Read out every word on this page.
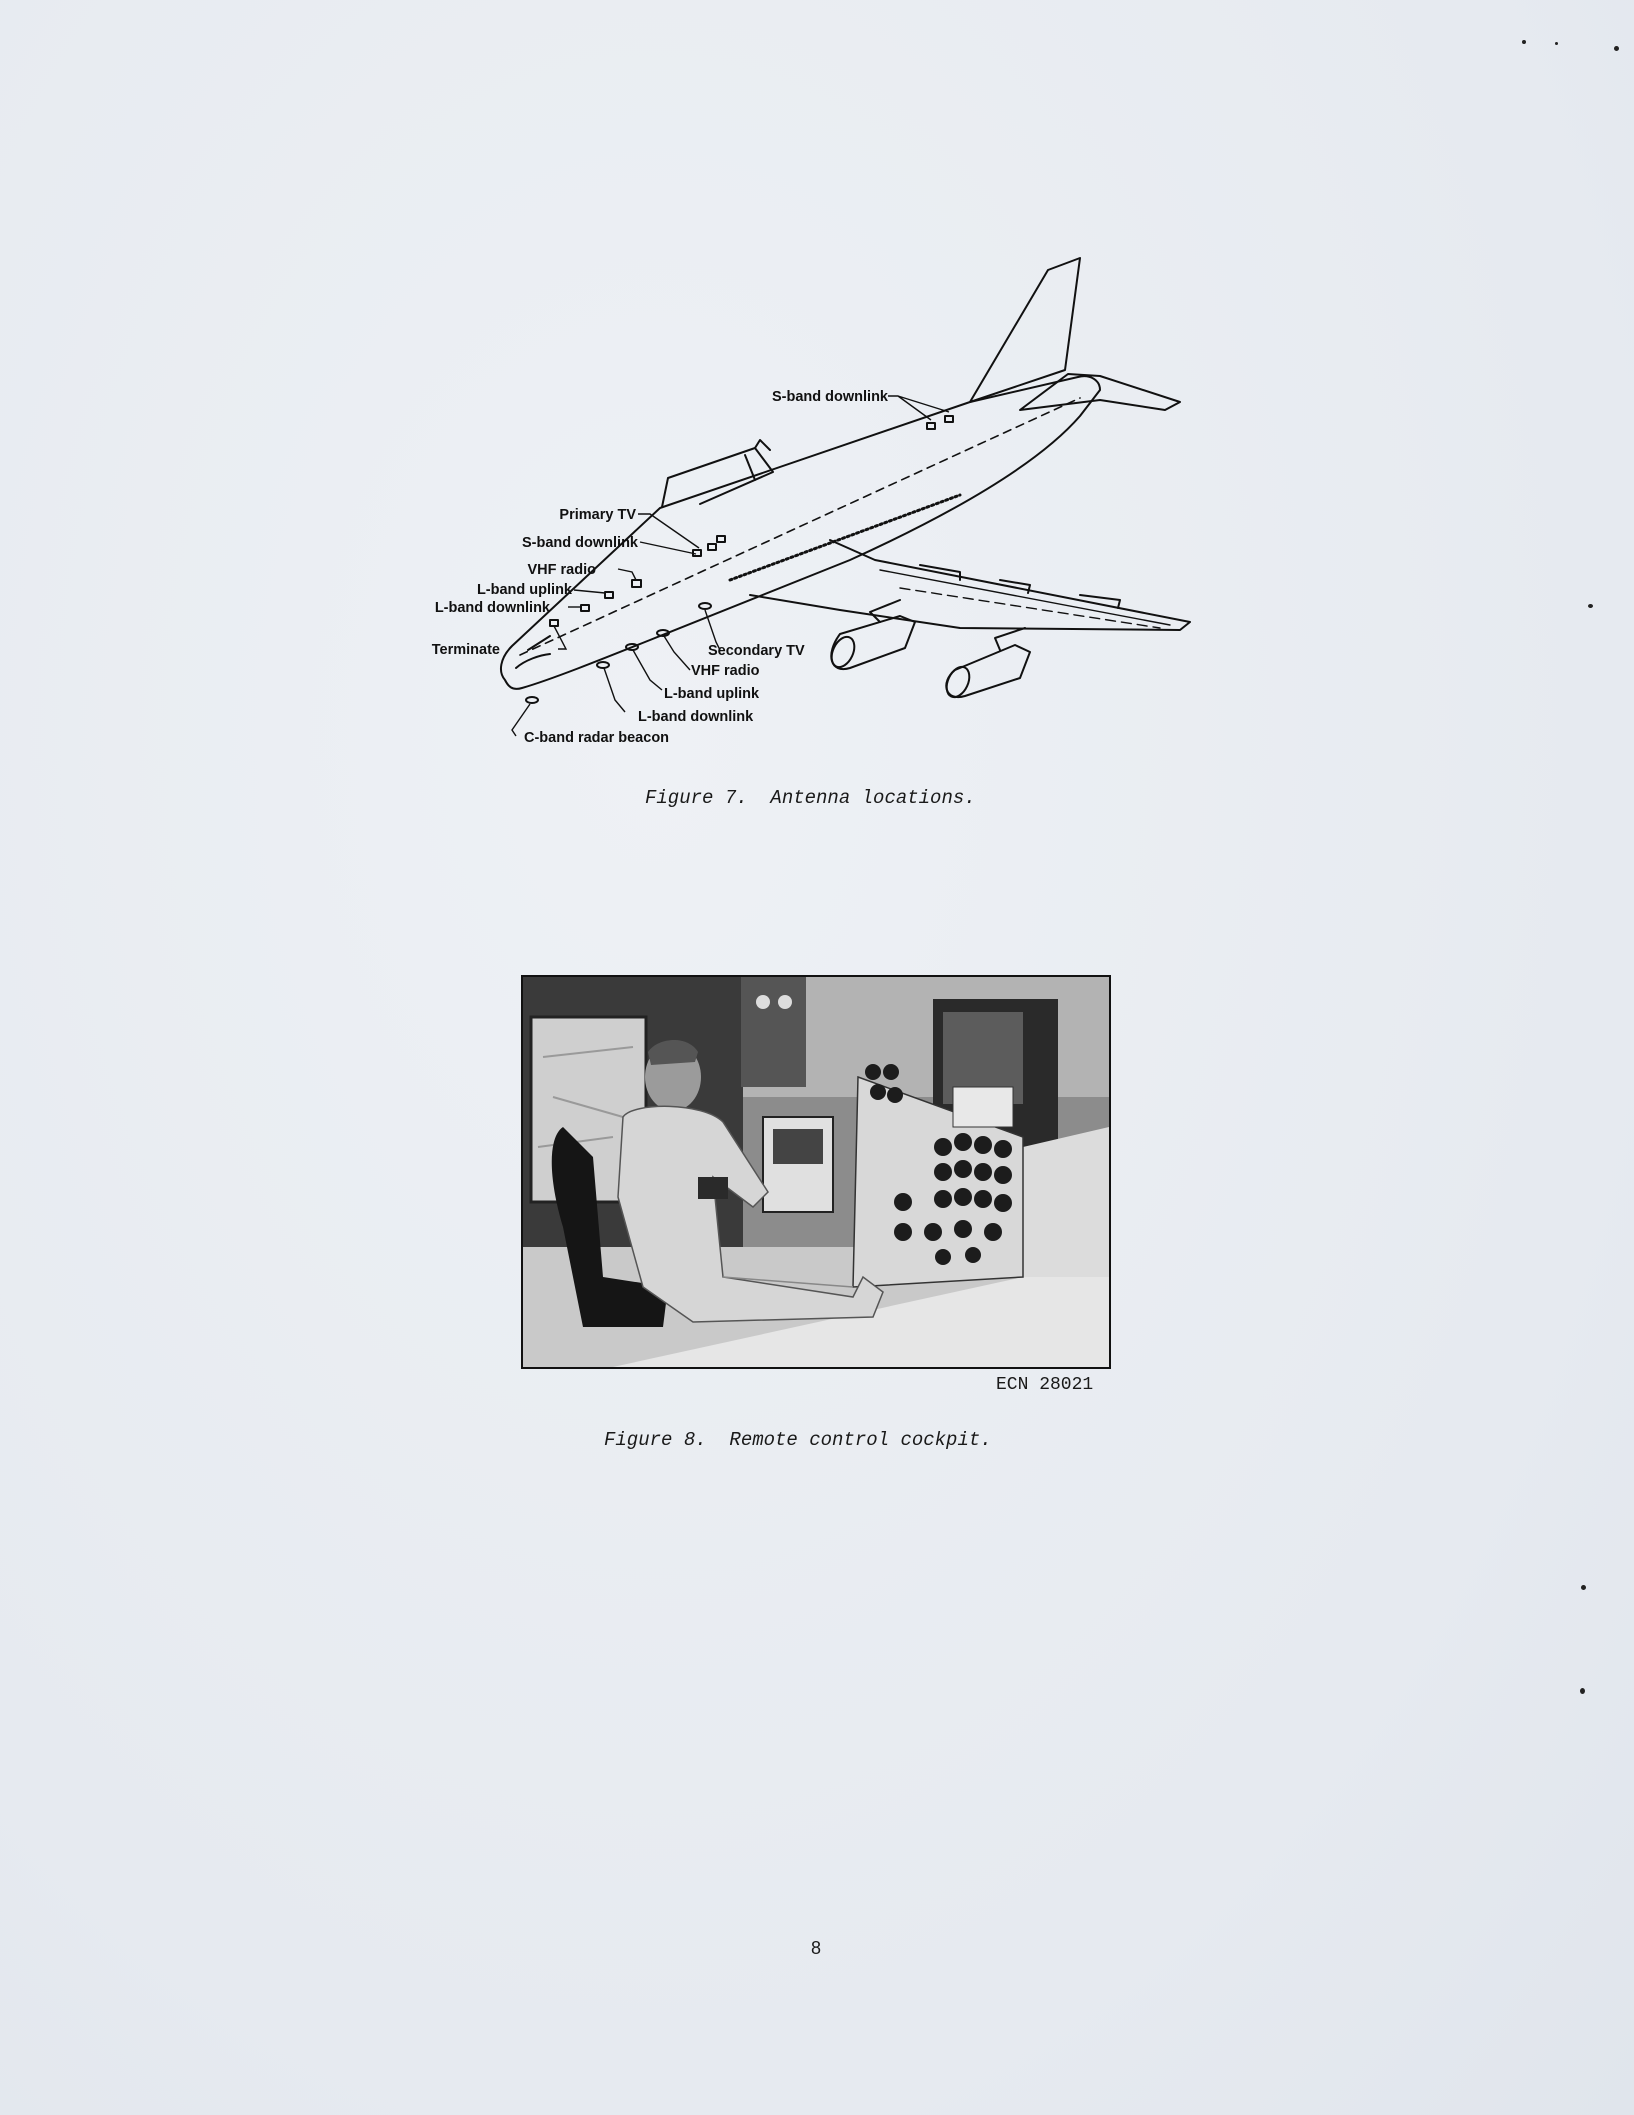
S-band downlink
Primary TV
S-band downlink
VHF radio
L-band uplink
L-band downlink
Terminate	Secondary TV
VHF radio
L-band uplink
L-band downlink
C-band radar beacon
Figure 7.  Antenna locations.
ECN 28021
Figure 8.  Remote control cockpit.
8
